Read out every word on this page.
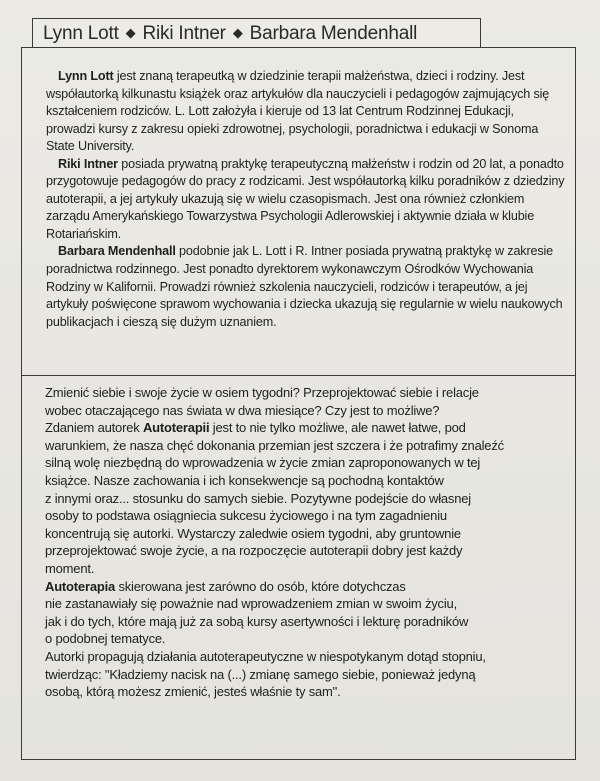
Lynn Lott ◆ Riki Intner ◆ Barbara Mendenhall

Lynn Lott jest znaną terapeutką w dziedzinie terapii małżeństwa, dzieci i rodziny. Jest współautorką kilkunastu książek oraz artykułów dla nauczycieli i pedagogów zajmujących się kształceniem rodziców. L. Lott założyła i kieruje od 13 lat Centrum Rodzinnej Edukacji, prowadzi kursy z zakresu opieki zdrowotnej, psychologii, poradnictwa i edukacji w Sonoma State University.

Riki Intner posiada prywatną praktykę terapeutyczną małżeństw i rodzin od 20 lat, a ponadto przygotowuje pedagogów do pracy z rodzicami. Jest współautorką kilku poradników z dziedziny autoterapii, a jej artykuły ukazują się w wielu czasopismach. Jest ona również członkiem zarządu Amerykańskiego Towarzystwa Psychologii Adlerowskiej i aktywnie działa w klubie Rotariańskim.

Barbara Mendenhall podobnie jak L. Lott i R. Intner posiada prywatną praktykę w zakresie poradnictwa rodzinnego. Jest ponadto dyrektorem wykonawczym Ośrodków Wychowania Rodziny w Kalifornii. Prowadzi również szkolenia nauczycieli, rodziców i terapeutów, a jej artykuły poświęcone sprawom wychowania i dziecka ukazują się regularnie w wielu naukowych publikacjach i cieszą się dużym uznaniem.

Zmienić siebie i swoje życie w osiem tygodni? Przeprojektować siebie i relacje
wobec otaczającego nas świata w dwa miesiące? Czy jest to możliwe?
Zdaniem autorek Autoterapii jest to nie tylko możliwe, ale nawet łatwe, pod
warunkiem, że nasza chęć dokonania przemian jest szczera i że potrafimy znaleźć
silną wolę niezbędną do wprowadzenia w życie zmian zaproponowanych w tej
książce. Nasze zachowania i ich konsekwencje są pochodną kontaktów
z innymi oraz... stosunku do samych siebie. Pozytywne podejście do własnej
osoby to podstawa osiągniecia sukcesu życiowego i na tym zagadnieniu
koncentrują się autorki. Wystarczy zaledwie osiem tygodni, aby gruntownie
przeprojektować swoje życie, a na rozpoczęcie autoterapii dobry jest każdy
moment.
Autoterapia skierowana jest zarówno do osób, które dotychczas
nie zastanawiały się poważnie nad wprowadzeniem zmian w swoim życiu,
jak i do tych, które mają już za sobą kursy asertywności i lekturę poradników
o podobnej tematyce.
Autorki propagują działania autoterapeutyczne w niespotykanym dotąd stopniu,
twierdząc: "Kładziemy nacisk na (...) zmianę samego siebie, ponieważ jedyną
osobą, którą możesz zmienić, jesteś właśnie ty sam".
